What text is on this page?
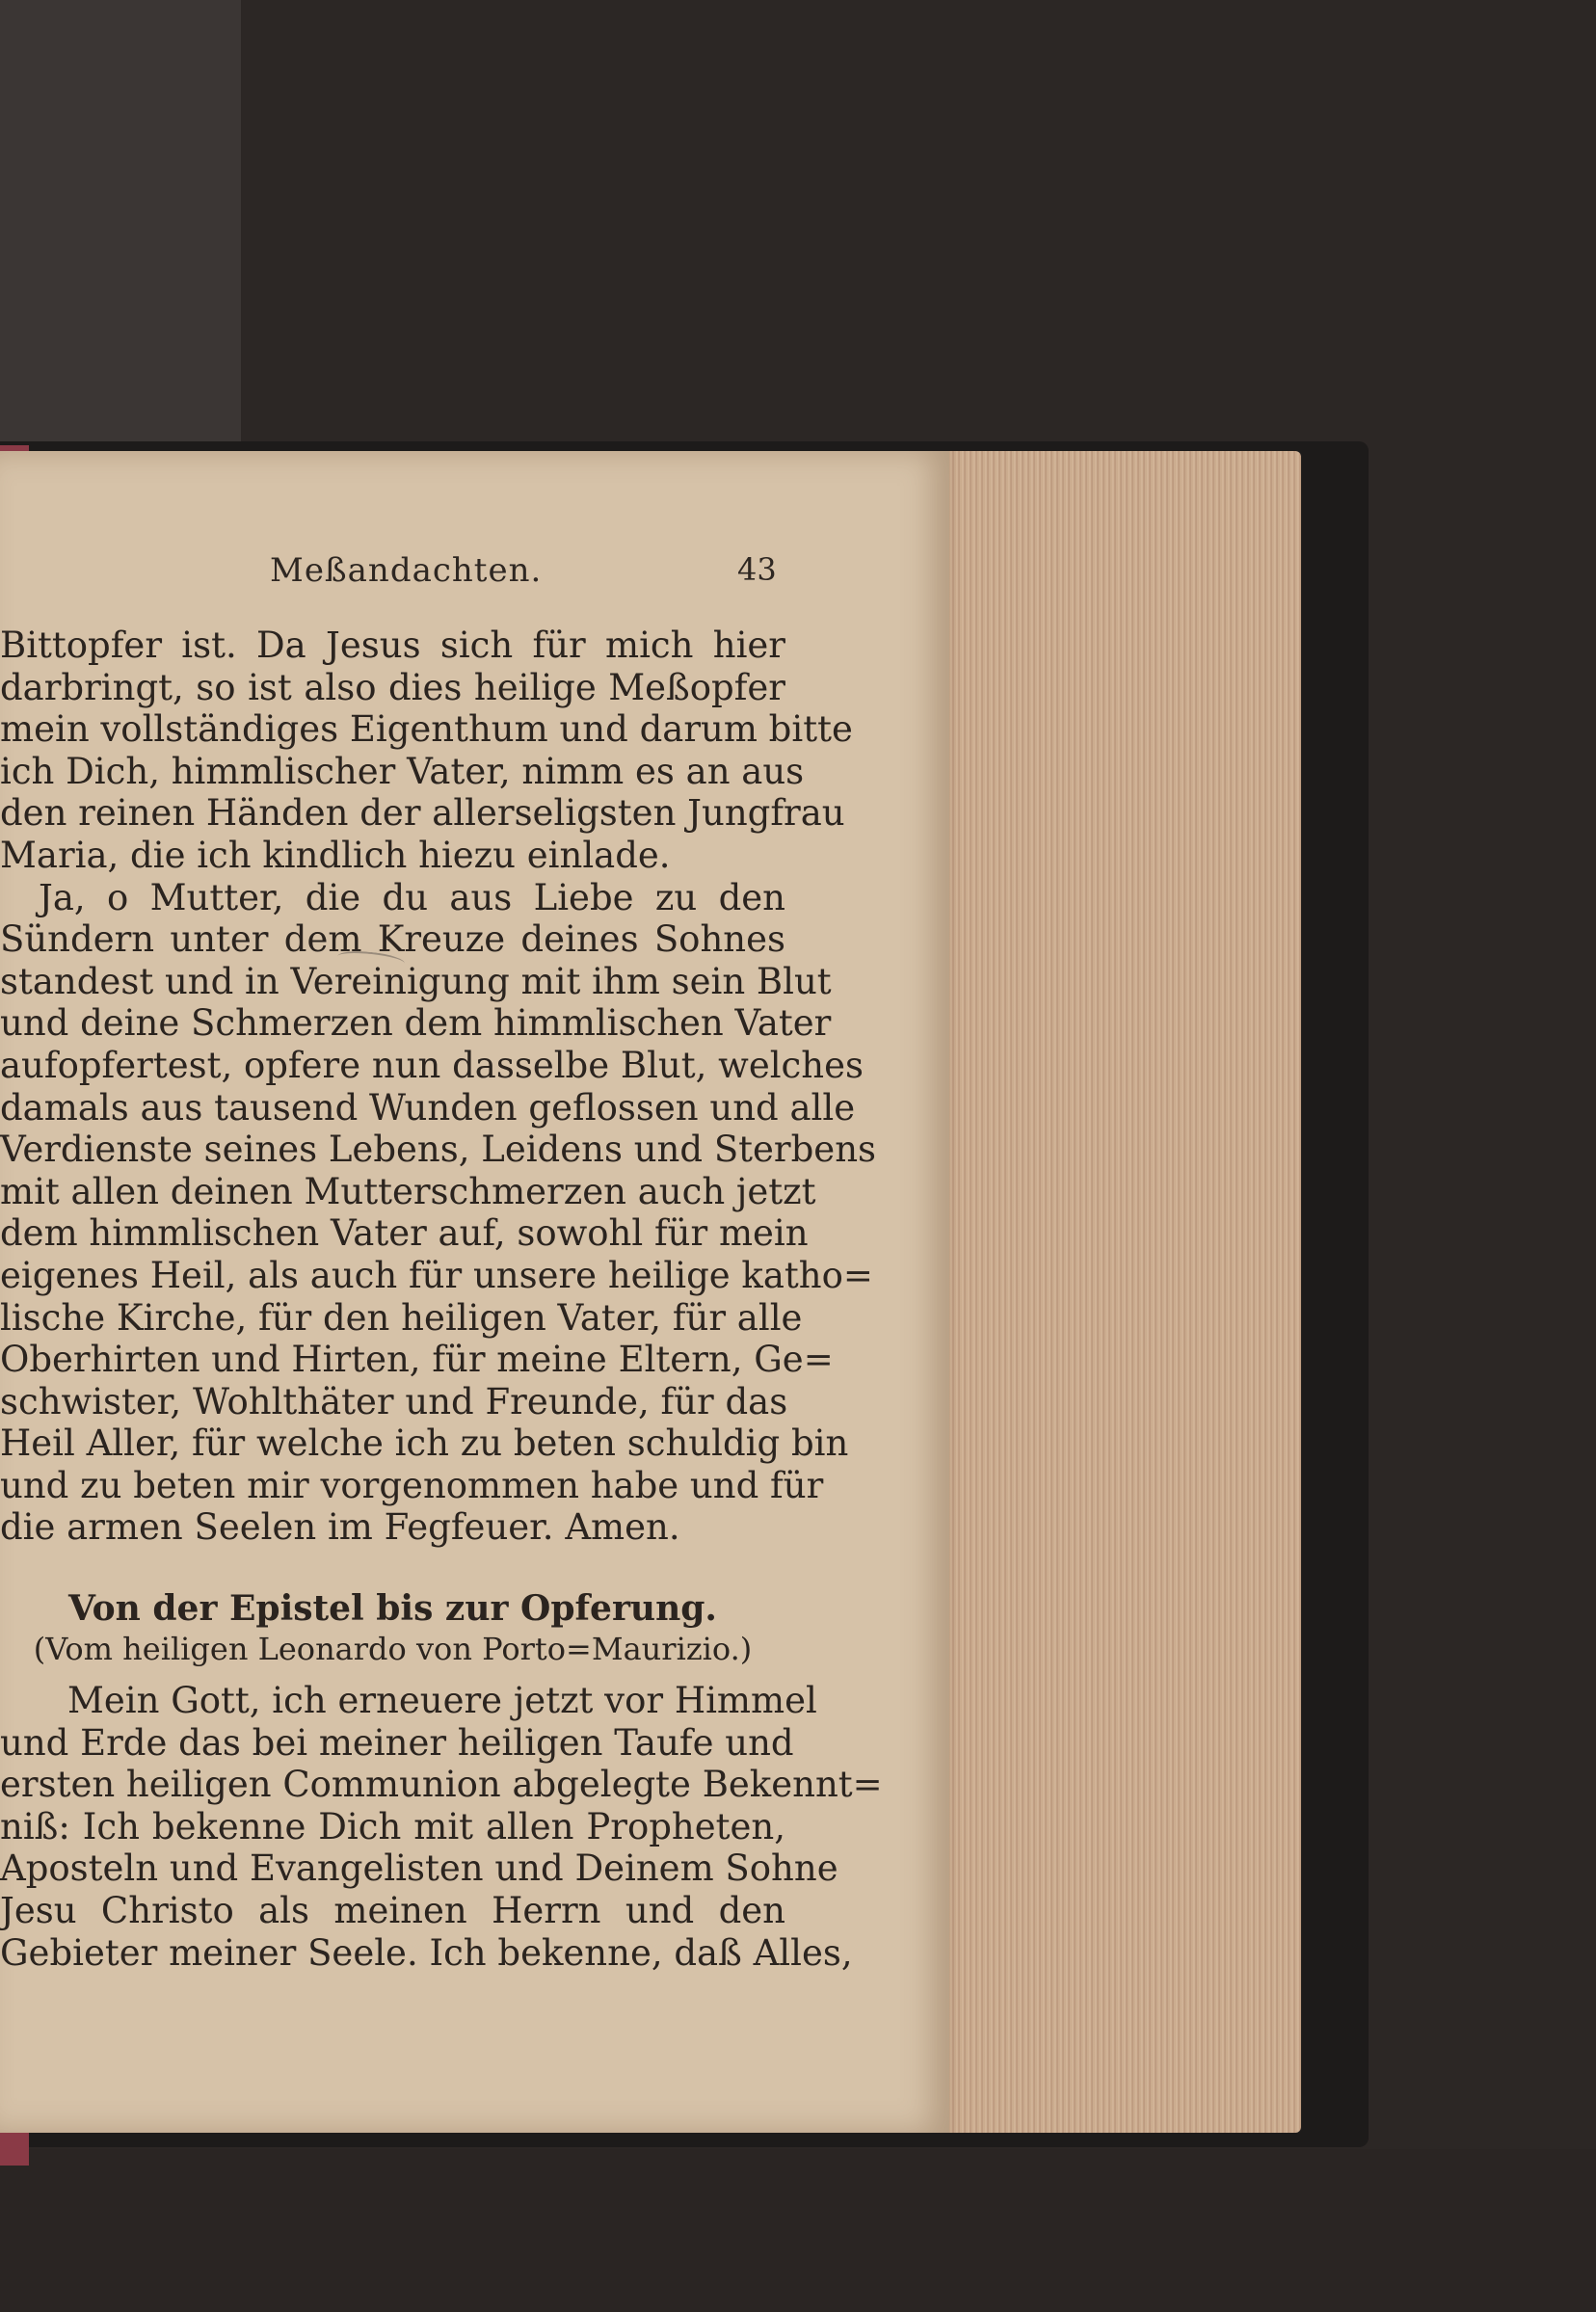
Meßandachten.	43
Bittopfer ist. Da Jesus sich für mich hier
darbringt, so ist also dies heilige Meßopfer
mein vollständiges Eigenthum und darum bitte
ich Dich, himmlischer Vater, nimm es an aus
den reinen Händen der allerseligsten Jungfrau
Maria, die ich kindlich hiezu einlade.
Ja, o Mutter, die du aus Liebe zu den
Sündern unter dem Kreuze deines Sohnes
standest und in Vereinigung mit ihm sein Blut
und deine Schmerzen dem himmlischen Vater
aufopfertest, opfere nun dasselbe Blut, welches
damals aus tausend Wunden geflossen und alle
Verdienste seines Lebens, Leidens und Sterbens
mit allen deinen Mutterschmerzen auch jetzt
dem himmlischen Vater auf, sowohl für mein
eigenes Heil, als auch für unsere heilige katho=
lische Kirche, für den heiligen Vater, für alle
Oberhirten und Hirten, für meine Eltern, Ge=
schwister, Wohlthäter und Freunde, für das
Heil Aller, für welche ich zu beten schuldig bin
und zu beten mir vorgenommen habe und für
die armen Seelen im Fegfeuer. Amen.
Von der Epistel bis zur Opferung.
(Vom heiligen Leonardo von Porto=Maurizio.)
Mein Gott, ich erneuere jetzt vor Himmel
und Erde das bei meiner heiligen Taufe und
ersten heiligen Communion abgelegte Bekennt=
niß: Ich bekenne Dich mit allen Propheten,
Aposteln und Evangelisten und Deinem Sohne
Jesu Christo als meinen Herrn und den
Gebieter meiner Seele. Ich bekenne, daß Alles,
